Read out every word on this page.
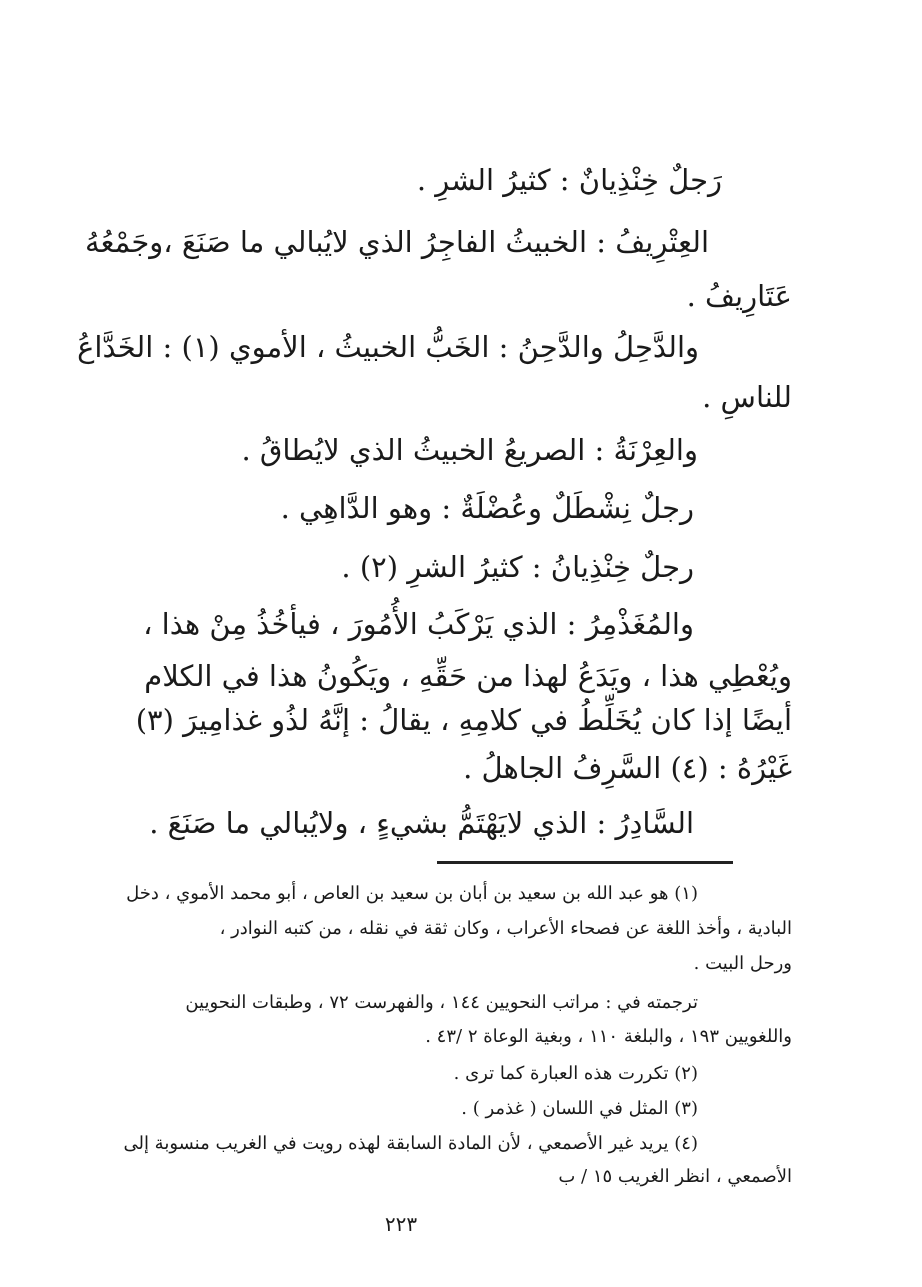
رَجلٌ خِنْذِيانٌ : كثيرُ الشرِ .
العِتْرِيفُ : الخبيثُ الفاجِرُ الذي لايُبالي ما صَنَعَ ،وجَمْعُهُ
عَتَارِيفُ .
والدَّحِلُ والدَّحِنُ : الخَبُّ الخبيثُ ، الأموي (١) : الخَدَّاعُ
للناسِ .
والعِرْنَةُ : الصريعُ الخبيثُ الذي لايُطاقُ .
رجلٌ نِشْطَلٌ وعُضْلَةٌ : وهو الدَّاهِي .
رجلٌ خِنْذِيانُ : كثيرُ الشرِ (٢) .
والمُغَذْمِرُ : الذي يَرْكَبُ الأُمُورَ ، فيأخُذُ مِنْ هذا ،
ويُعْطِي هذا ، ويَدَعُ لهذا من حَقِّهِ ، ويَكُونُ هذا في الكلام
أيضًا إذا كان يُخَلِّطُ في كلامِهِ ، يقالُ : إنَّهُ لذُو غذامِيرَ (٣)
غَيْرُهُ : (٤) السَّرِفُ الجاهلُ .
السَّادِرُ : الذي لايَهْتَمُّ بشيءٍ ، ولايُبالي ما صَنَعَ .
(١) هو عبد الله بن سعيد بن أبان بن سعيد بن العاص ، أبو محمد الأموي ، دخل
البادية ، وأخذ اللغة عن فصحاء الأعراب ، وكان ثقة في نقله ، من كتبه النوادر ،
ورحل البيت .
ترجمته في : مراتب النحويين ١٤٤ ، والفهرست ٧٢ ، وطبقات النحويين
واللغويين ١٩٣ ، والبلغة ١١٠ ، وبغية الوعاة ٢ /٤٣ .
(٢) تكررت هذه العبارة كما ترى .
(٣) المثل في اللسان ( غذمر ) .
(٤) يريد غير الأصمعي ، لأن المادة السابقة لهذه رويت في الغريب منسوبة إلى
الأصمعي ، انظر الغريب ١٥ / ب
٢٢٣
